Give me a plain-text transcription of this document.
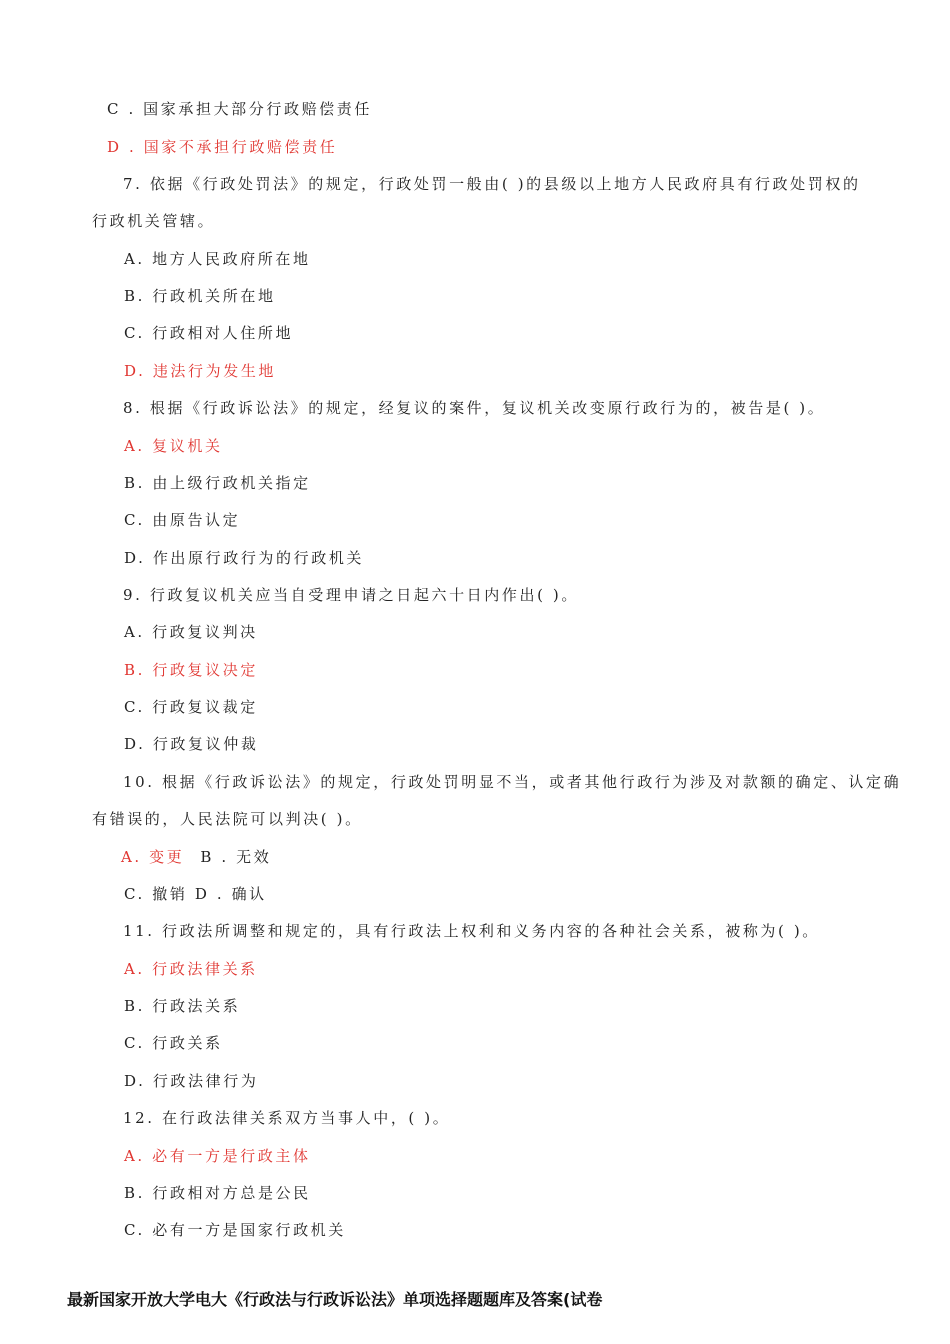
C . 国家承担大部分行政赔偿责任
D . 国家不承担行政赔偿责任
7. 依据《行政处罚法》的规定，行政处罚一般由( )的县级以上地方人民政府具有行政处罚权的
行政机关管辖。
A. 地方人民政府所在地
B. 行政机关所在地
C. 行政相对人住所地
D. 违法行为发生地
8. 根据《行政诉讼法》的规定，经复议的案件，复议机关改变原行政行为的，被告是( )。
A. 复议机关
B. 由上级行政机关指定
C. 由原告认定
D. 作出原行政行为的行政机关
9. 行政复议机关应当自受理申请之日起六十日内作出( )。
A. 行政复议判决
B. 行政复议决定
C. 行政复议裁定
D. 行政复议仲裁
10. 根据《行政诉讼法》的规定，行政处罚明显不当，或者其他行政行为涉及对款额的确定、认定确
有错误的，人民法院可以判决( )。
A. 变更 B . 无效
C. 撤销 D . 确认
11. 行政法所调整和规定的，具有行政法上权利和义务内容的各种社会关系，被称为( )。
A. 行政法律关系
B. 行政法关系
C. 行政关系
D. 行政法律行为
12. 在行政法律关系双方当事人中，( )。
A. 必有一方是行政主体
B. 行政相对方总是公民
C. 必有一方是国家行政机关
最新国家开放大学电大《行政法与行政诉讼法》单项选择题题库及答案(试卷
